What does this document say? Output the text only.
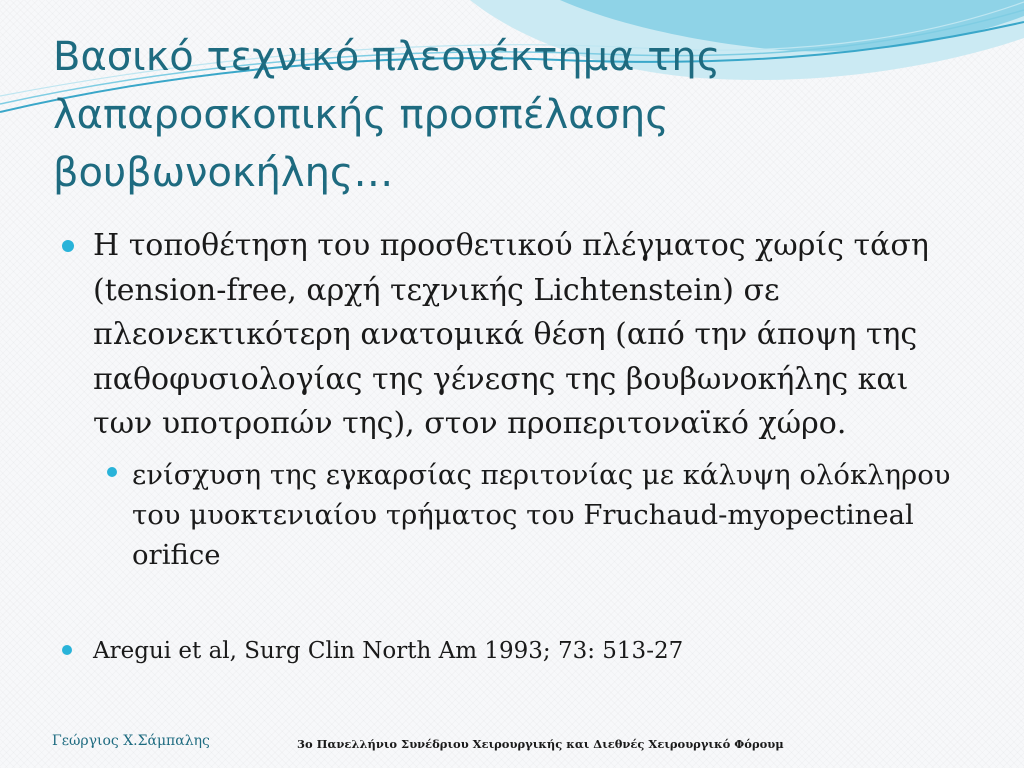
Βασικό τεχνικό πλεονέκτημα της λαπαροσκοπικής προσπέλασης βουβωνοκήλης…

Η τοποθέτηση του προσθετικού πλέγματος χωρίς τάση (tension-free, αρχή τεχνικής Lichtenstein) σε πλεονεκτικότερη ανατομικά θέση (από την άποψη της παθοφυσιολογίας της γένεσης της βουβωνοκήλης και των υποτροπών της), στον προπεριτοναϊκό χώρο.

ενίσχυση της εγκαρσίας περιτονίας με κάλυψη ολόκληρου του μυοκτενιαίου τρήματος του Fruchaud-myopectineal orifice

Aregui et al, Surg Clin North Am 1993; 73: 513-27

Γεώργιος Χ.Σάμπαλης	3ο Πανελλήνιο Συνέδριου Χειρουργικής και Διεθνές Χειρουργικό Φόρουμ
